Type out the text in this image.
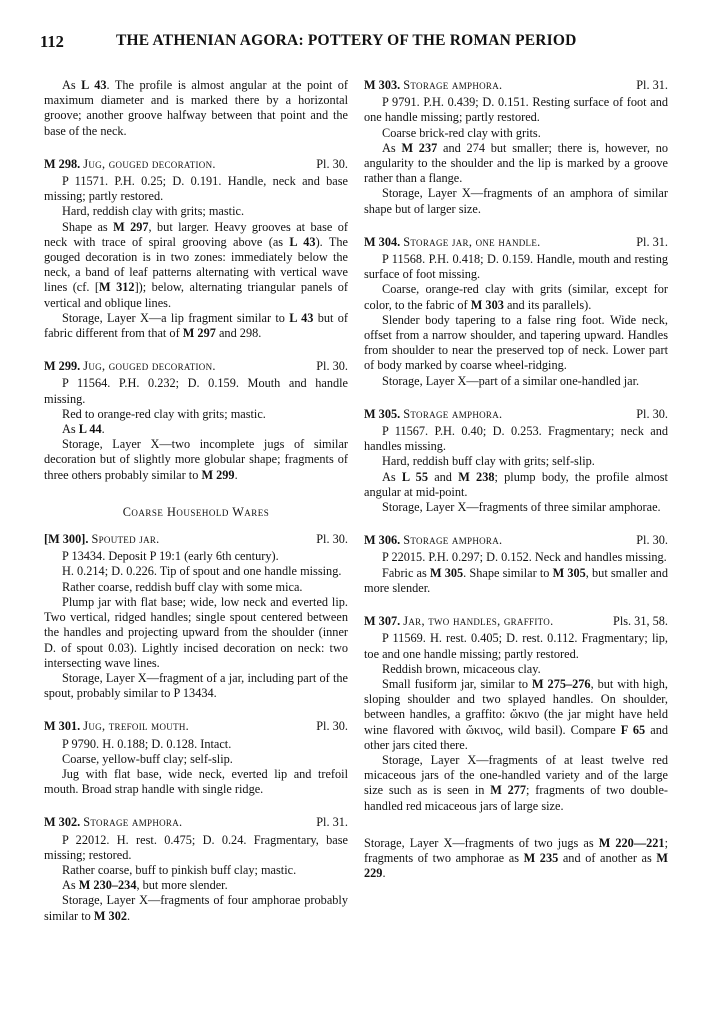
112	THE ATHENIAN AGORA: POTTERY OF THE ROMAN PERIOD

As L 43. The profile is almost angular at the point of maximum diameter and is marked there by a horizontal groove; another groove halfway between that point and the base of the neck.

M 298. Jug, gouged decoration.	Pl. 30.

P 11571. P.H. 0.25; D. 0.191. Handle, neck and base missing; partly restored.

Hard, reddish clay with grits; mastic.

Shape as M 297, but larger. Heavy grooves at base of neck with trace of spiral grooving above (as L 43). The gouged decoration is in two zones: immediately below the neck, a band of leaf patterns alternating with vertical wave lines (cf. [M 312]); below, alternating triangular panels of vertical and oblique lines.

Storage, Layer X—a lip fragment similar to L 43 but of fabric different from that of M 297 and 298.

M 299. Jug, gouged decoration.	Pl. 30.

P 11564. P.H. 0.232; D. 0.159. Mouth and handle missing.

Red to orange-red clay with grits; mastic.

As L 44.

Storage, Layer X—two incomplete jugs of similar decoration but of slightly more globular shape; fragments of three others probably similar to M 299.

Coarse Household Wares
[M 300]. Spouted jar.	Pl. 30.

P 13434. Deposit P 19:1 (early 6th century).

H. 0.214; D. 0.226. Tip of spout and one handle missing.

Rather coarse, reddish buff clay with some mica.

Plump jar with flat base; wide, low neck and everted lip. Two vertical, ridged handles; single spout centered between the handles and projecting upward from the shoulder (inner D. of spout 0.03). Lightly incised decoration on neck: two intersecting wave lines.

Storage, Layer X—fragment of a jar, including part of the spout, probably similar to P 13434.

M 301. Jug, trefoil mouth.	Pl. 30.

P 9790. H. 0.188; D. 0.128. Intact.

Coarse, yellow-buff clay; self-slip.

Jug with flat base, wide neck, everted lip and trefoil mouth. Broad strap handle with single ridge.

M 302. Storage amphora.	Pl. 31.

P 22012. H. rest. 0.475; D. 0.24. Fragmentary, base missing; restored.

Rather coarse, buff to pinkish buff clay; mastic.

As M 230–234, but more slender.

Storage, Layer X—fragments of four amphorae probably similar to M 302.

M 303. Storage amphora.	Pl. 31.

P 9791. P.H. 0.439; D. 0.151. Resting surface of foot and one handle missing; partly restored.

Coarse brick-red clay with grits.

As M 237 and 274 but smaller; there is, however, no angularity to the shoulder and the lip is marked by a groove rather than a flange.

Storage, Layer X—fragments of an amphora of similar shape but of larger size.

M 304. Storage jar, one handle.	Pl. 31.

P 11568. P.H. 0.418; D. 0.159. Handle, mouth and resting surface of foot missing.

Coarse, orange-red clay with grits (similar, except for color, to the fabric of M 303 and its parallels).

Slender body tapering to a false ring foot. Wide neck, offset from a narrow shoulder, and tapering upward. Handles from shoulder to near the preserved top of neck. Lower part of body marked by coarse wheel-ridging.

Storage, Layer X—part of a similar one-handled jar.

M 305. Storage amphora.	Pl. 30.

P 11567. P.H. 0.40; D. 0.253. Fragmentary; neck and handles missing.

Hard, reddish buff clay with grits; self-slip.

As L 55 and M 238; plump body, the profile almost angular at mid-point.

Storage, Layer X—fragments of three similar amphorae.

M 306. Storage amphora.	Pl. 30.

P 22015. P.H. 0.297; D. 0.152. Neck and handles missing.

Fabric as M 305. Shape similar to M 305, but smaller and more slender.

M 307. Jar, two handles, graffito.	Pls. 31, 58.

P 11569. H. rest. 0.405; D. rest. 0.112. Fragmentary; lip, toe and one handle missing; partly restored.

Reddish brown, micaceous clay.

Small fusiform jar, similar to M 275–276, but with high, sloping shoulder and two splayed handles. On shoulder, between handles, a graffito: ὤκινο (the jar might have held wine flavored with ὤκινος, wild basil). Compare F 65 and other jars cited there.

Storage, Layer X—fragments of at least twelve red micaceous jars of the one-handled variety and of the large size such as is seen in M 277; fragments of two double-handled red micaceous jars of large size.

Storage, Layer X—fragments of two jugs as M 220—221; fragments of two amphorae as M 235 and of another as M 229.
